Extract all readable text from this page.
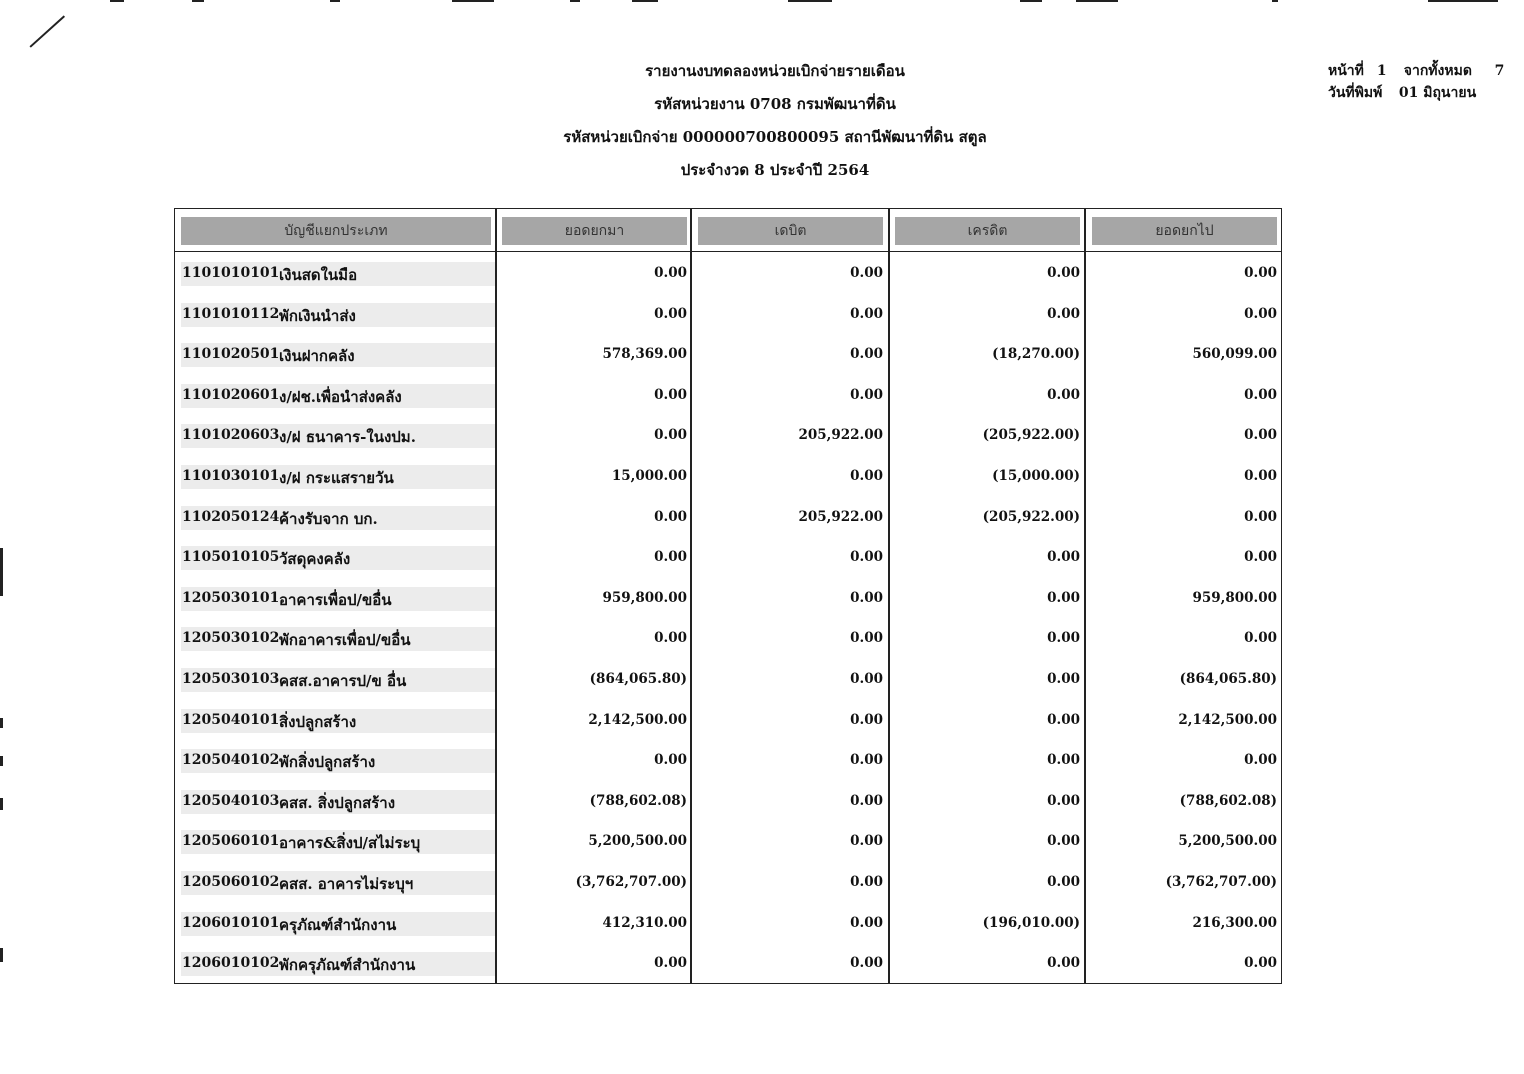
รายงานงบทดลองหน่วยเบิกจ่ายรายเดือน
รหัสหน่วยงาน 0708 กรมพัฒนาที่ดิน
รหัสหน่วยเบิกจ่าย 000000700800095 สถานีพัฒนาที่ดิน สตูล
ประจำงวด 8 ประจำปี 2564
หน้าที่ 1 จากทั้งหมด 7
วันที่พิมพ์ 01 มิถุนายน
บัญชีแยกประเภท	ยอดยกมา	เดบิต	เครดิต	ยอดยกไป
1101010101 เงินสดในมือ	0.00	0.00	0.00	0.00
1101010112 พักเงินนำส่ง	0.00	0.00	0.00	0.00
1101020501 เงินฝากคลัง	578,369.00	0.00	(18,270.00)	560,099.00
1101020601 ง/ฝช.เพื่อนำส่งคลัง	0.00	0.00	0.00	0.00
1101020603 ง/ฝ ธนาคาร-ในงปม.	0.00	205,922.00	(205,922.00)	0.00
1101030101 ง/ฝ กระแสรายวัน	15,000.00	0.00	(15,000.00)	0.00
1102050124 ค้างรับจาก บก.	0.00	205,922.00	(205,922.00)	0.00
1105010105 วัสดุคงคลัง	0.00	0.00	0.00	0.00
1205030101 อาคารเพื่อป/ขอื่น	959,800.00	0.00	0.00	959,800.00
1205030102 พักอาคารเพื่อป/ขอื่น	0.00	0.00	0.00	0.00
1205030103 คสส.อาคารป/ข อื่น	(864,065.80)	0.00	0.00	(864,065.80)
1205040101 สิ่งปลูกสร้าง	2,142,500.00	0.00	0.00	2,142,500.00
1205040102 พักสิ่งปลูกสร้าง	0.00	0.00	0.00	0.00
1205040103 คสส. สิ่งปลูกสร้าง	(788,602.08)	0.00	0.00	(788,602.08)
1205060101 อาคาร&สิ่งป/สไม่ระบุ	5,200,500.00	0.00	0.00	5,200,500.00
1205060102 คสส. อาคารไม่ระบุฯ	(3,762,707.00)	0.00	0.00	(3,762,707.00)
1206010101 ครุภัณฑ์สำนักงาน	412,310.00	0.00	(196,010.00)	216,300.00
1206010102 พักครุภัณฑ์สำนักงาน	0.00	0.00	0.00	0.00
